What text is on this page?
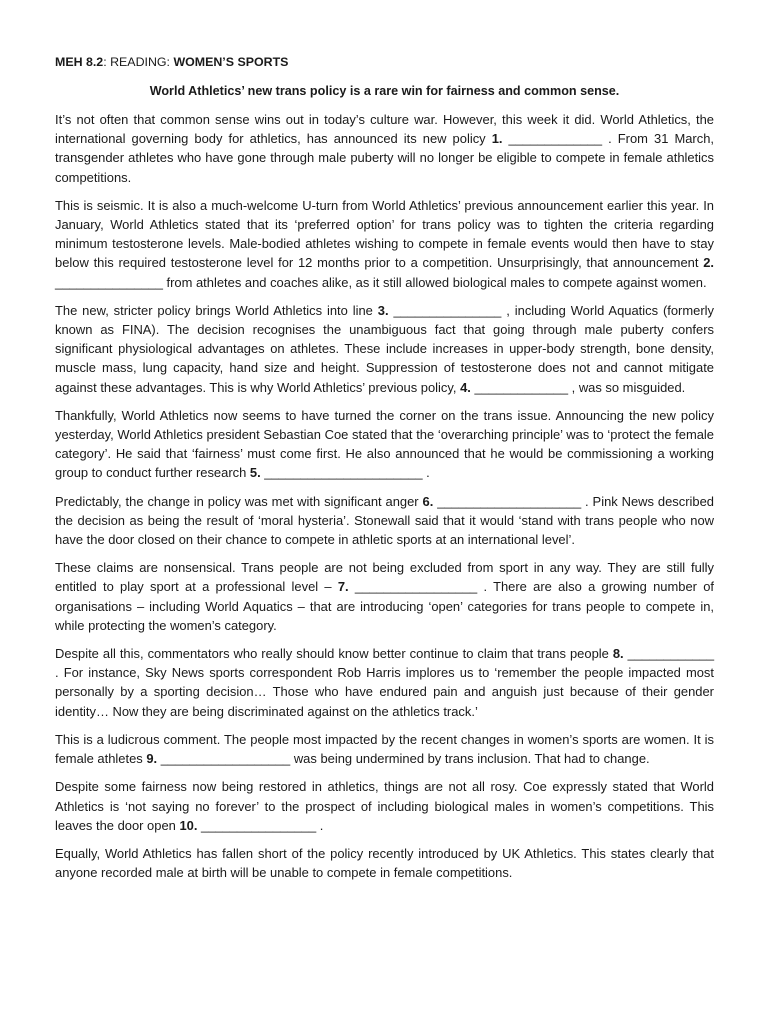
MEH 8.2: READING: WOMEN’S SPORTS
World Athletics’ new trans policy is a rare win for fairness and common sense.

It’s not often that common sense wins out in today’s culture war. However, this week it did. World Athletics, the international governing body for athletics, has announced its new policy 1. _____________ . From 31 March, transgender athletes who have gone through male puberty will no longer be eligible to compete in female athletics competitions.

This is seismic. It is also a much-welcome U-turn from World Athletics’ previous announcement earlier this year. In January, World Athletics stated that its ‘preferred option’ for trans policy was to tighten the criteria regarding minimum testosterone levels. Male-bodied athletes wishing to compete in female events would then have to stay below this required testosterone level for 12 months prior to a competition. Unsurprisingly, that announcement 2. _______________ from athletes and coaches alike, as it still allowed biological males to compete against women.

The new, stricter policy brings World Athletics into line 3. _______________ , including World Aquatics (formerly known as FINA). The decision recognises the unambiguous fact that going through male puberty confers significant physiological advantages on athletes. These include increases in upper-body strength, bone density, muscle mass, lung capacity, hand size and height. Suppression of testosterone does not and cannot mitigate against these advantages. This is why World Athletics’ previous policy, 4. _____________ , was so misguided.

Thankfully, World Athletics now seems to have turned the corner on the trans issue. Announcing the new policy yesterday, World Athletics president Sebastian Coe stated that the ‘overarching principle’ was to ‘protect the female category’. He said that ‘fairness’ must come first. He also announced that he would be commissioning a working group to conduct further research 5. ______________________ .

Predictably, the change in policy was met with significant anger 6. ____________________ . Pink News described the decision as being the result of ‘moral hysteria’. Stonewall said that it would ‘stand with trans people who now have the door closed on their chance to compete in athletic sports at an international level’.

These claims are nonsensical. Trans people are not being excluded from sport in any way. They are still fully entitled to play sport at a professional level – 7. _________________ . There are also a growing number of organisations – including World Aquatics – that are introducing ‘open’ categories for trans people to compete in, while protecting the women’s category.

Despite all this, commentators who really should know better continue to claim that trans people 8. ____________ . For instance, Sky News sports correspondent Rob Harris implores us to ‘remember the people impacted most personally by a sporting decision… Those who have endured pain and anguish just because of their gender identity… Now they are being discriminated against on the athletics track.’

This is a ludicrous comment. The people most impacted by the recent changes in women’s sports are women. It is female athletes 9. __________________ was being undermined by trans inclusion. That had to change.

Despite some fairness now being restored in athletics, things are not all rosy. Coe expressly stated that World Athletics is ‘not saying no forever’ to the prospect of including biological males in women’s competitions. This leaves the door open 10. ________________ .

Equally, World Athletics has fallen short of the policy recently introduced by UK Athletics. This states clearly that anyone recorded male at birth will be unable to compete in female competitions.
